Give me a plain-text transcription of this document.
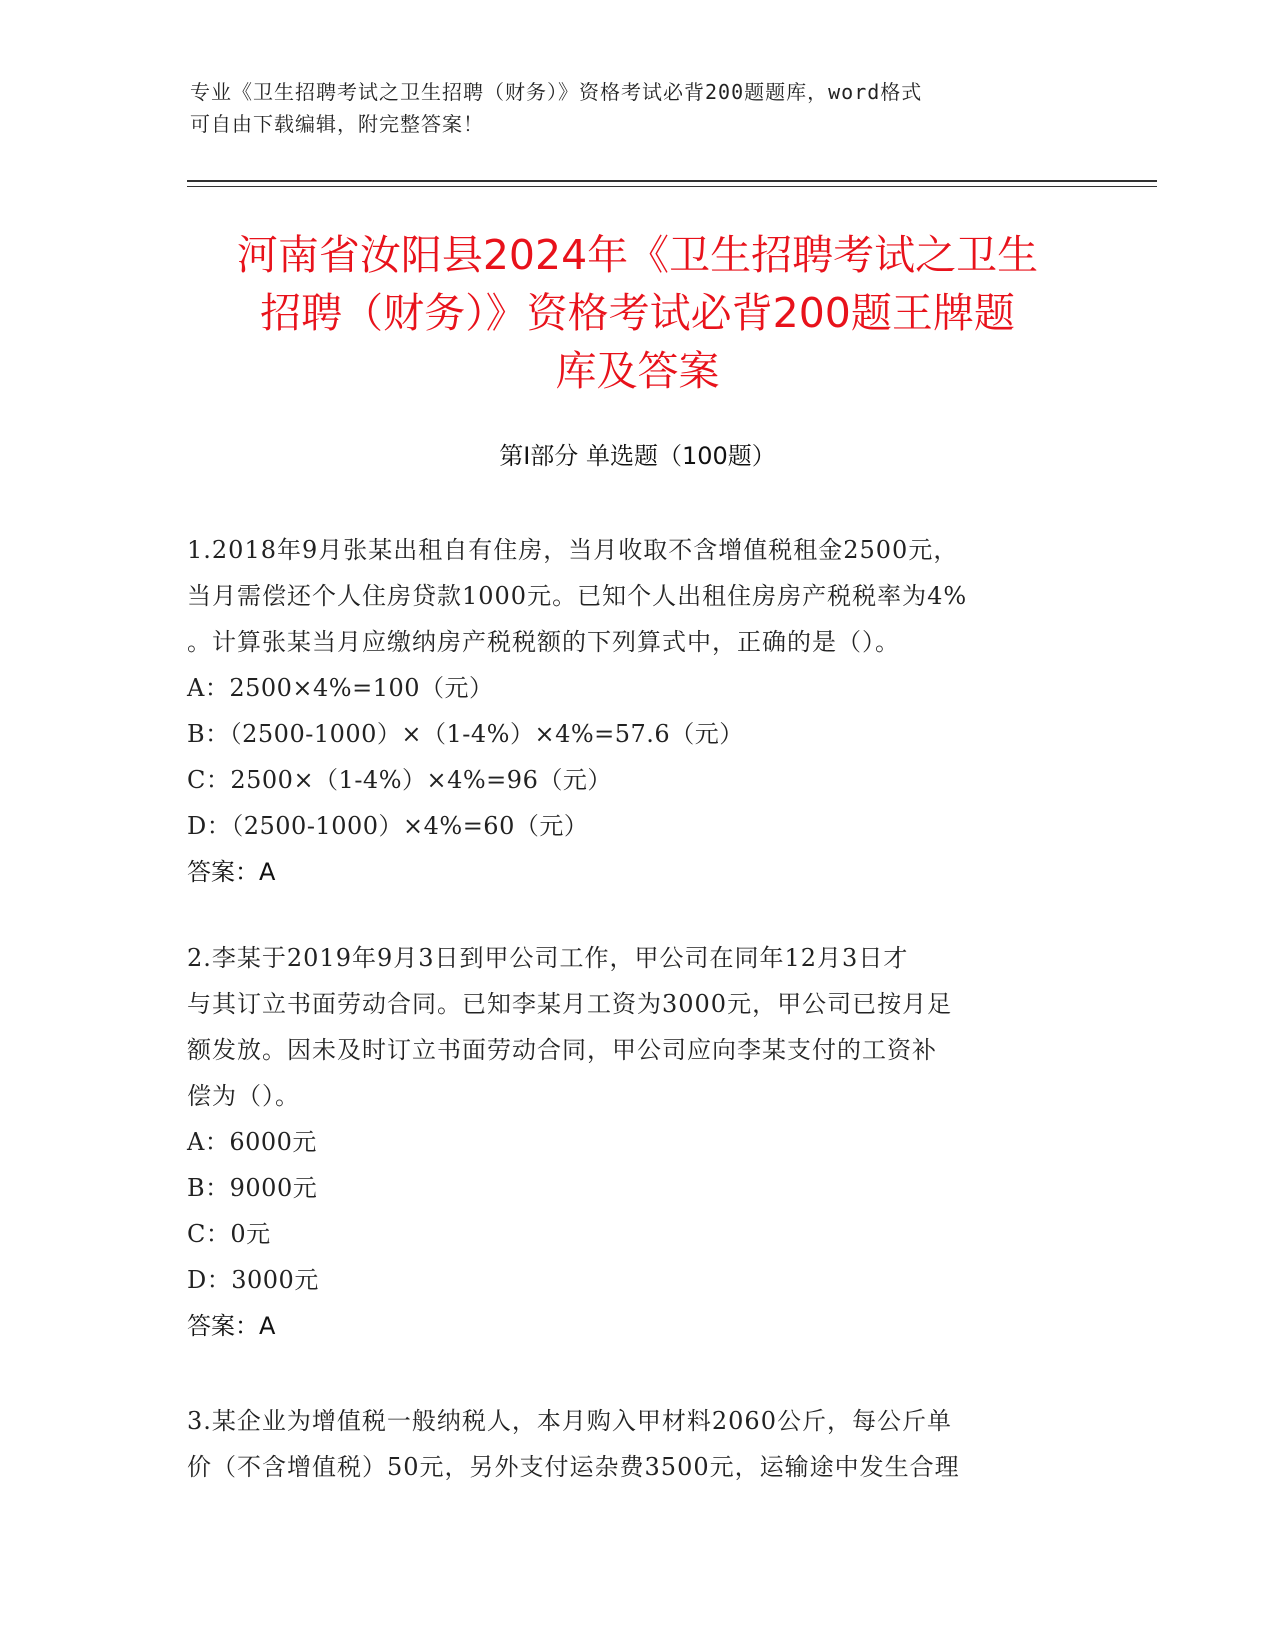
专业《卫生招聘考试之卫生招聘（财务）》资格考试必背200题题库，word格式
可自由下载编辑，附完整答案！
河南省汝阳县2024年《卫生招聘考试之卫生
招聘（财务）》资格考试必背200题王牌题
库及答案
第I部分 单选题（100题）
1.2018年9月张某出租自有住房，当月收取不含增值税租金2500元，
当月需偿还个人住房贷款1000元。已知个人出租住房房产税税率为4%
。计算张某当月应缴纳房产税税额的下列算式中，正确的是（）。
A：2500×4%=100（元）
B：（2500-1000）×（1-4%）×4%=57.6（元）
C：2500×（1-4%）×4%=96（元）
D：（2500-1000）×4%=60（元）
答案：A
2.李某于2019年9月3日到甲公司工作，甲公司在同年12月3日才
与其订立书面劳动合同。已知李某月工资为3000元，甲公司已按月足
额发放。因未及时订立书面劳动合同，甲公司应向李某支付的工资补
偿为（）。
A：6000元
B：9000元
C：0元
D：3000元
答案：A
3.某企业为增值税一般纳税人，本月购入甲材料2060公斤，每公斤单
价（不含增值税）50元，另外支付运杂费3500元，运输途中发生合理
